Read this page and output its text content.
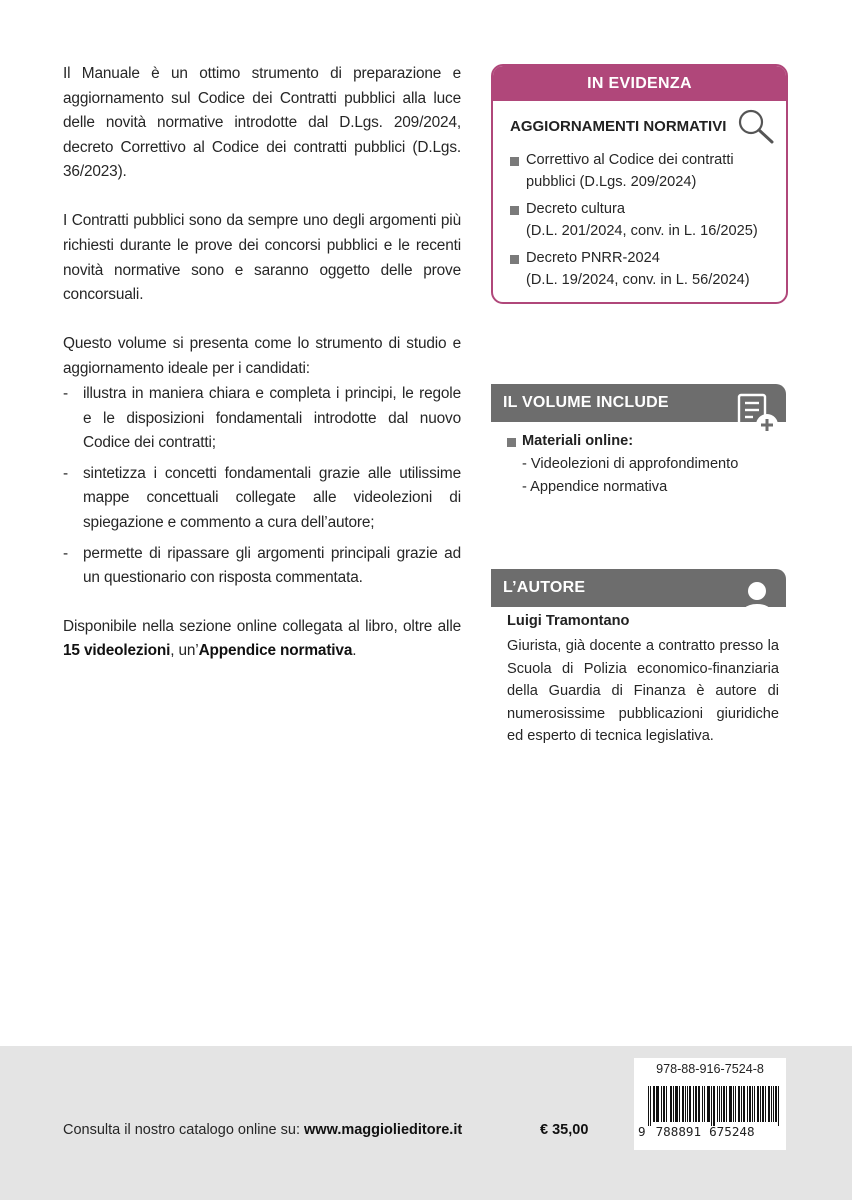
Il Manuale è un ottimo strumento di preparazione e aggiornamento sul Codice dei Contratti pubblici alla luce delle novità normative introdotte dal D.Lgs. 209/2024, decreto Correttivo al Codice dei contratti pubblici (D.Lgs. 36/2023).

I Contratti pubblici sono da sempre uno degli argomenti più richiesti durante le prove dei concorsi pubblici e le recenti novità normative sono e saranno oggetto delle prove concorsuali.

Questo volume si presenta come lo strumento di studio e aggiornamento ideale per i candidati:

- illustra in maniera chiara e completa i principi, le regole e le disposizioni fondamentali introdotte dal nuovo Codice dei contratti;
- sintetizza i concetti fondamentali grazie alle utilissime mappe concettuali collegate alle videolezioni di spiegazione e commento a cura dell’autore;
- permette di ripassare gli argomenti principali grazie ad un questionario con risposta commentata.

Disponibile nella sezione online collegata al libro, oltre alle 15 videolezioni, un’Appendice normativa.

IN EVIDENZA
AGGIORNAMENTI NORMATIVI
Correttivo al Codice dei contratti
pubblici (D.Lgs. 209/2024)
Decreto cultura
(D.L. 201/2024, conv. in L. 16/2025)
Decreto PNRR-2024
(D.L. 19/2024, conv. in L. 56/2024)
IL VOLUME INCLUDE
Materiali online:
- Videolezioni di approfondimento
- Appendice normativa
L’AUTORE
Luigi Tramontano
Giurista, già docente a contratto presso la Scuola di Polizia economico-finanziaria della Guardia di Finanza è autore di numerosissime pubblicazioni giuridiche ed esperto di tecnica legislativa.
Consulta il nostro catalogo online su: www.maggiolieditore.it	€ 35,00
978-88-916-7524-8
9 788891 675248
